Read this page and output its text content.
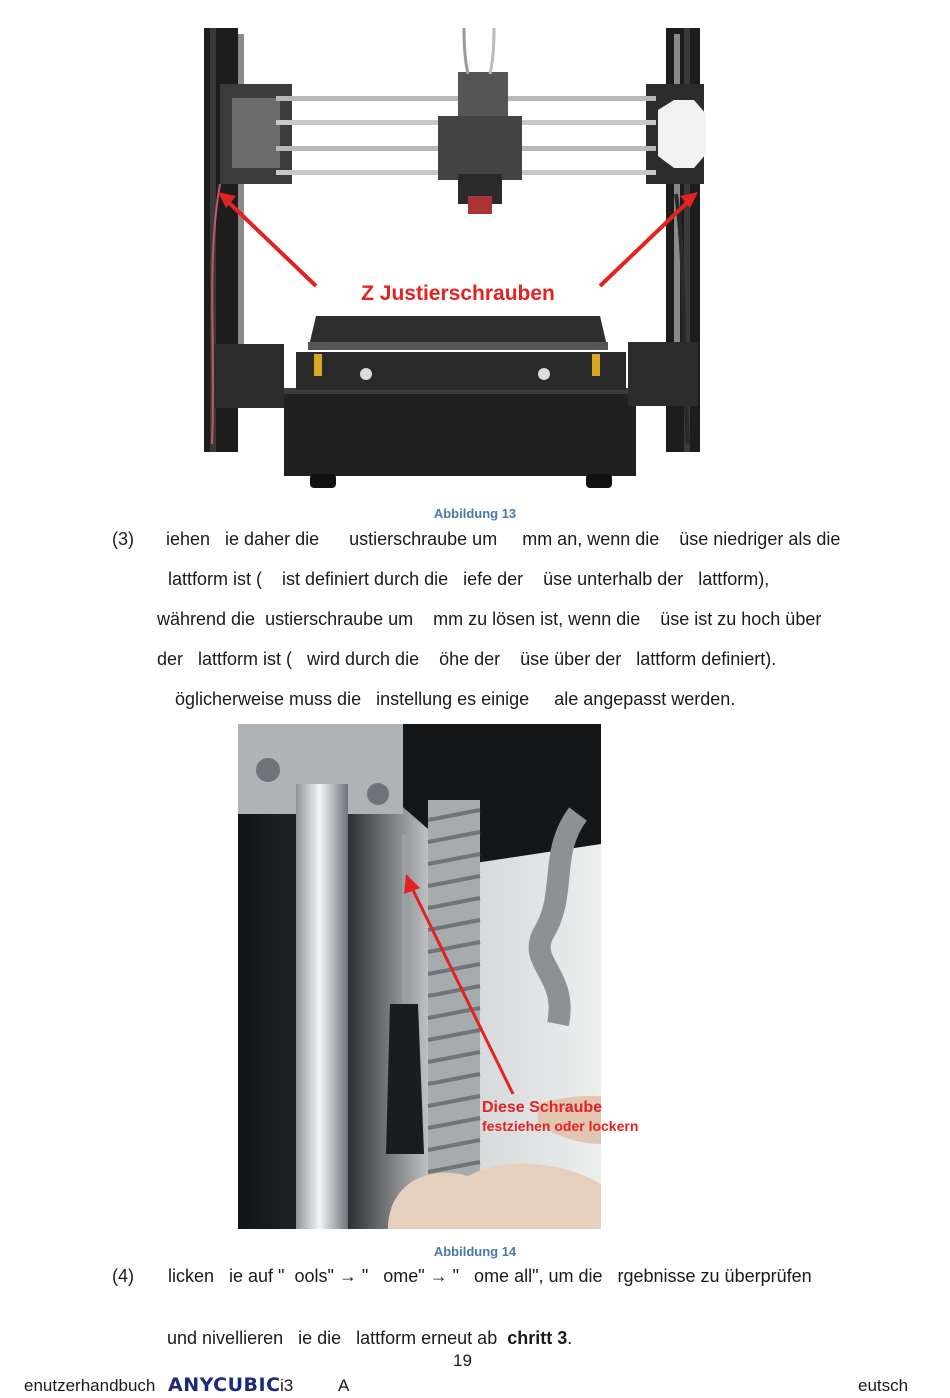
Z Justierschrauben
Abbildung 13
(3) iehen   ie daher die      ustierschraube um     mm an, wenn die    üse niedriger als die
lattform ist (    ist definiert durch die   iefe der    üse unterhalb der   lattform),
während die  ustierschraube um    mm zu lösen ist, wenn die    üse ist zu hoch über
der   lattform ist (   wird durch die    öhe der    üse über der   lattform definiert).
öglicherweise muss die   instellung es einige     ale angepasst werden.
Diese Schraube
festziehen oder lockern
Abbildung 14
(4) licken   ie auf "  ools" → "   ome" → "   ome all", um die   rgebnisse zu überprüfen

und nivellieren   ie die   lattform erneut ab  chritt 3.

19
enutzerhandbuch ANYCUBIC i3	A	eutsch
